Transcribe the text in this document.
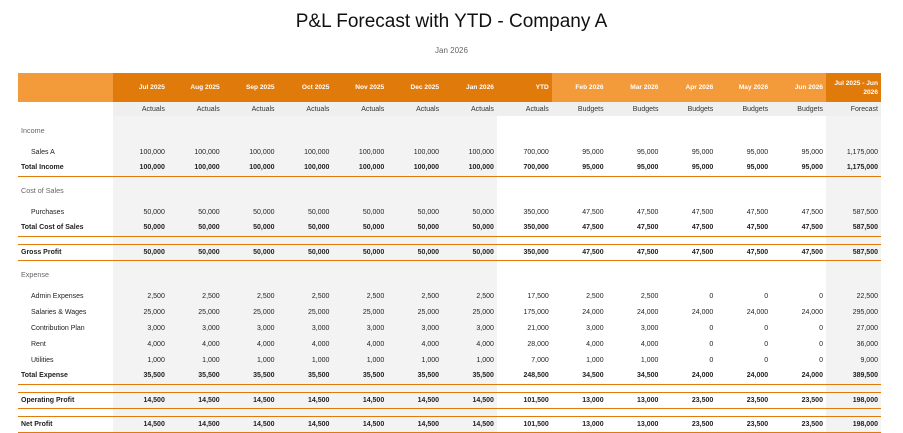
P&L Forecast with YTD - Company A
Jan 2026
	Jul 2025	Aug 2025	Sep 2025	Oct 2025	Nov 2025	Dec 2025	Jan 2026	YTD	Feb 2026	Mar 2026	Apr 2026	May 2026	Jun 2026	Jul 2025 - Jun 2026
	Actuals	Actuals	Actuals	Actuals	Actuals	Actuals	Actuals	Actuals	Budgets	Budgets	Budgets	Budgets	Budgets	Forecast

Income														

Sales A	100,000	100,000	100,000	100,000	100,000	100,000	100,000	700,000	95,000	95,000	95,000	95,000	95,000	1,175,000
Total Income	100,000	100,000	100,000	100,000	100,000	100,000	100,000	700,000	95,000	95,000	95,000	95,000	95,000	1,175,000

Cost of Sales														

Purchases	50,000	50,000	50,000	50,000	50,000	50,000	50,000	350,000	47,500	47,500	47,500	47,500	47,500	587,500
Total Cost of Sales	50,000	50,000	50,000	50,000	50,000	50,000	50,000	350,000	47,500	47,500	47,500	47,500	47,500	587,500

Gross Profit	50,000	50,000	50,000	50,000	50,000	50,000	50,000	350,000	47,500	47,500	47,500	47,500	47,500	587,500

Expense														

Admin Expenses	2,500	2,500	2,500	2,500	2,500	2,500	2,500	17,500	2,500	2,500	0	0	0	22,500
Salaries & Wages	25,000	25,000	25,000	25,000	25,000	25,000	25,000	175,000	24,000	24,000	24,000	24,000	24,000	295,000
Contribution Plan	3,000	3,000	3,000	3,000	3,000	3,000	3,000	21,000	3,000	3,000	0	0	0	27,000
Rent	4,000	4,000	4,000	4,000	4,000	4,000	4,000	28,000	4,000	4,000	0	0	0	36,000
Utilities	1,000	1,000	1,000	1,000	1,000	1,000	1,000	7,000	1,000	1,000	0	0	0	9,000
Total Expense	35,500	35,500	35,500	35,500	35,500	35,500	35,500	248,500	34,500	34,500	24,000	24,000	24,000	389,500

Operating Profit	14,500	14,500	14,500	14,500	14,500	14,500	14,500	101,500	13,000	13,000	23,500	23,500	23,500	198,000

Net Profit	14,500	14,500	14,500	14,500	14,500	14,500	14,500	101,500	13,000	13,000	23,500	23,500	23,500	198,000
